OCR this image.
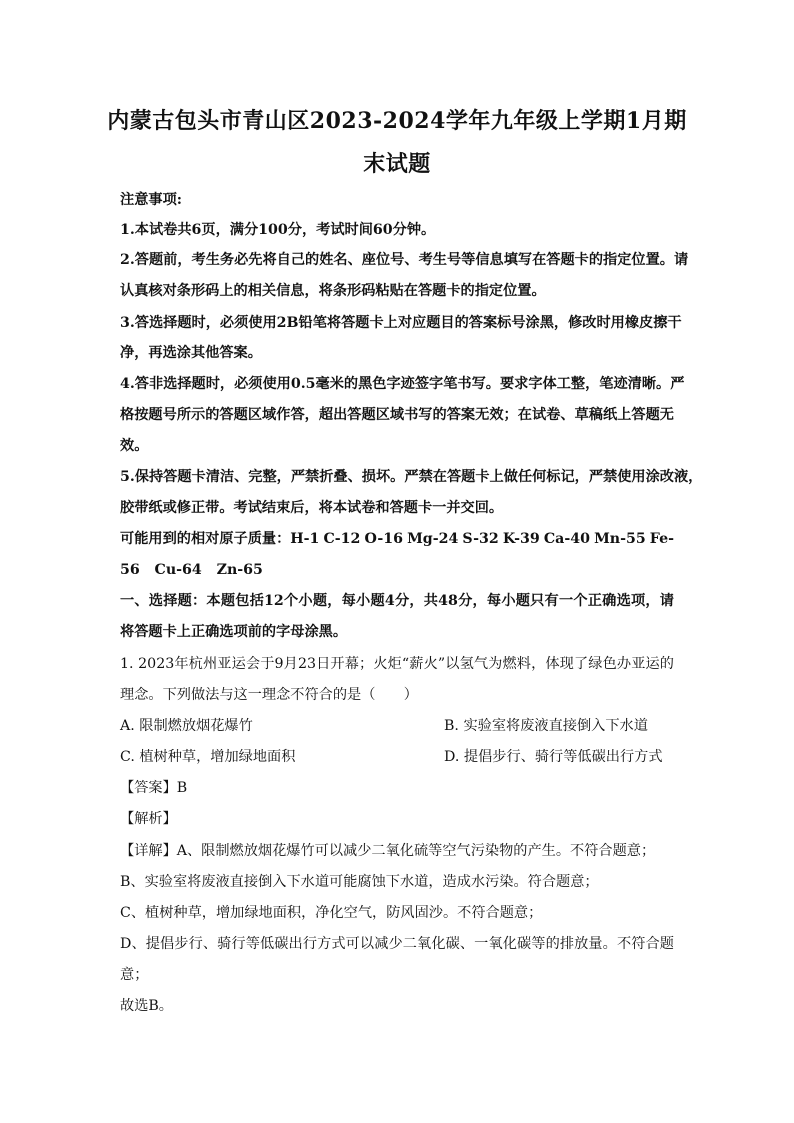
内蒙古包头市青山区2023-2024学年九年级上学期1月期
末试题
注意事项:
1.本试卷共6页，满分100分，考试时间60分钟。
2.答题前，考生务必先将自己的姓名、座位号、考生号等信息填写在答题卡的指定位置。请
认真核对条形码上的相关信息，将条形码粘贴在答题卡的指定位置。
3.答选择题时，必须使用2B铅笔将答题卡上对应题目的答案标号涂黑，修改时用橡皮擦干
净，再选涂其他答案。
4.答非选择题时，必须使用0.5毫米的黑色字迹签字笔书写。要求字体工整，笔迹清晰。严
格按题号所示的答题区域作答，超出答题区域书写的答案无效；在试卷、草稿纸上答题无
效。
5.保持答题卡清洁、完整，严禁折叠、损坏。严禁在答题卡上做任何标记，严禁使用涂改液，
胶带纸或修正带。考试结束后，将本试卷和答题卡一并交回。
可能用到的相对原子质量：H-1 C-12 O-16 Mg-24 S-32 K-39 Ca-40 Mn-55 Fe-
56   Cu-64   Zn-65
一、选择题：本题包括12个小题，每小题4分，共48分，每小题只有一个正确选项，请
将答题卡上正确选项前的字母涂黑。
1. 2023年杭州亚运会于9月23日开幕；火炬“薪火”以氢气为燃料，体现了绿色办亚运的
理念。下列做法与这一理念不符合的是（　　）
A. 限制燃放烟花爆竹	B. 实验室将废液直接倒入下水道
C. 植树种草，增加绿地面积	D. 提倡步行、骑行等低碳出行方式
【答案】B
【解析】
【详解】A、限制燃放烟花爆竹可以减少二氧化硫等空气污染物的产生。不符合题意；
B、实验室将废液直接倒入下水道可能腐蚀下水道，造成水污染。符合题意；
C、植树种草，增加绿地面积，净化空气，防风固沙。不符合题意；
D、提倡步行、骑行等低碳出行方式可以减少二氧化碳、一氧化碳等的排放量。不符合题
意；
故选B。
